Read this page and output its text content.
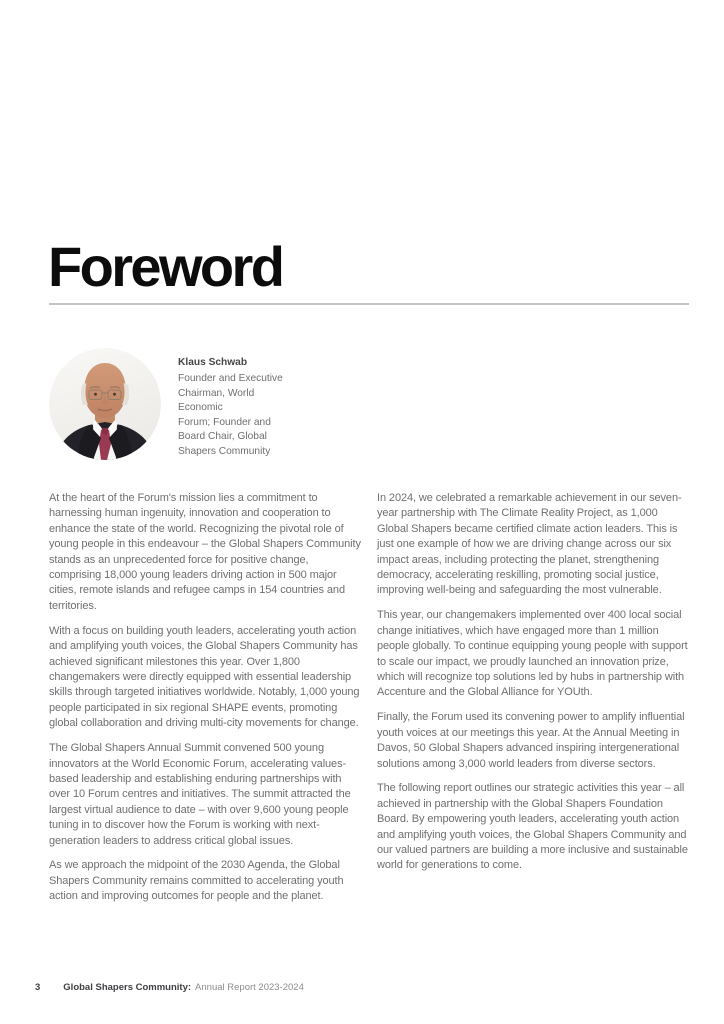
Foreword
Klaus Schwab
Founder and Executive
Chairman, World Economic
Forum; Founder and
Board Chair, Global
Shapers Community

At the heart of the Forum's mission lies a commitment to harnessing human ingenuity, innovation and cooperation to enhance the state of the world. Recognizing the pivotal role of young people in this endeavour – the Global Shapers Community stands as an unprecedented force for positive change, comprising 18,000 young leaders driving action in 500 major cities, remote islands and refugee camps in 154 countries and territories.

With a focus on building youth leaders, accelerating youth action and amplifying youth voices, the Global Shapers Community has achieved significant milestones this year. Over 1,800 changemakers were directly equipped with essential leadership skills through targeted initiatives worldwide. Notably, 1,000 young people participated in six regional SHAPE events, promoting global collaboration and driving multi-city movements for change.

The Global Shapers Annual Summit convened 500 young innovators at the World Economic Forum, accelerating values-based leadership and establishing enduring partnerships with over 10 Forum centres and initiatives. The summit attracted the largest virtual audience to date – with over 9,600 young people tuning in to discover how the Forum is working with next-generation leaders to address critical global issues.

As we approach the midpoint of the 2030 Agenda, the Global Shapers Community remains committed to accelerating youth action and improving outcomes for people and the planet.

In 2024, we celebrated a remarkable achievement in our seven-year partnership with The Climate Reality Project, as 1,000 Global Shapers became certified climate action leaders. This is just one example of how we are driving change across our six impact areas, including protecting the planet, strengthening democracy, accelerating reskilling, promoting social justice, improving well-being and safeguarding the most vulnerable.

This year, our changemakers implemented over 400 local social change initiatives, which have engaged more than 1 million people globally. To continue equipping young people with support to scale our impact, we proudly launched an innovation prize, which will recognize top solutions led by hubs in partnership with Accenture and the Global Alliance for YOUth.

Finally, the Forum used its convening power to amplify influential youth voices at our meetings this year. At the Annual Meeting in Davos, 50 Global Shapers advanced inspiring intergenerational solutions among 3,000 world leaders from diverse sectors.

The following report outlines our strategic activities this year – all achieved in partnership with the Global Shapers Foundation Board. By empowering youth leaders, accelerating youth action and amplifying youth voices, the Global Shapers Community and our valued partners are building a more inclusive and sustainable world for generations to come.

3 Global Shapers Community: Annual Report 2023-2024
